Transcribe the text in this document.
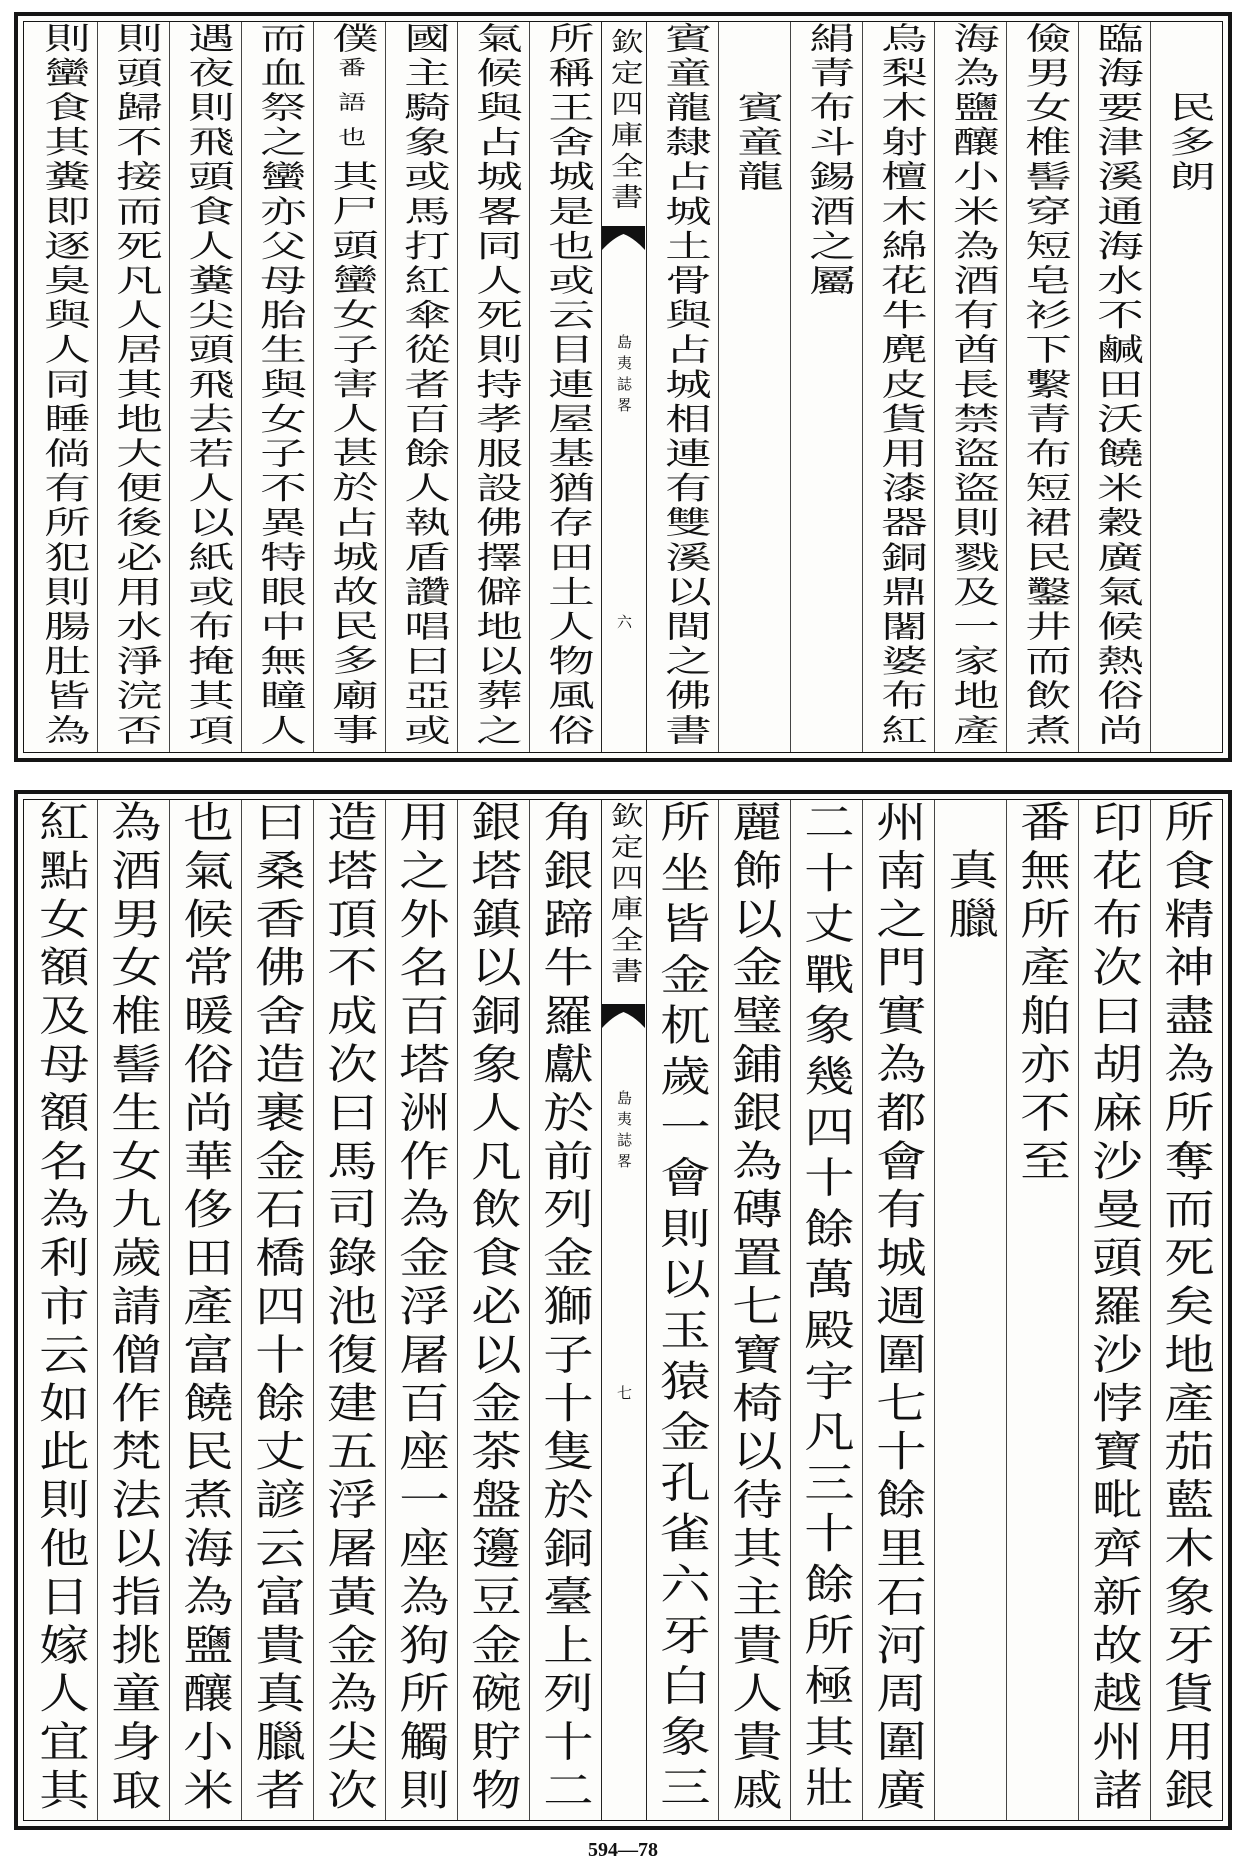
民多朗
臨海要津溪通海水不鹹田沃饒米穀廣氣候熱俗尚
儉男女椎髻穿短皂衫下繫青布短裙民鑿井而飲煮
海為鹽釀小米為酒有酋長禁盜盜則戮及一家地產
烏梨木射檀木綿花牛麂皮貨用漆器銅鼎闍婆布紅
絹青布斗錫酒之屬
賓童龍
賓童龍隸占城土骨與占城相連有雙溪以間之佛書
欽定四庫全書
島夷誌畧
六
所稱王舍城是也或云目連屋基猶存田土人物風俗
氣候與占城畧同人死則持孝服設佛擇僻地以葬之
國主騎象或馬打紅傘從者百餘人執盾讚唱曰亞或
僕
番語也
其尸頭蠻女子害人甚於占城故民多廟事
而血祭之蠻亦父母胎生與女子不異特眼中無瞳人
遇夜則飛頭食人糞尖頭飛去若人以紙或布掩其項
則頭歸不接而死凡人居其地大便後必用水淨浣否
則蠻食其糞即逐臭與人同睡倘有所犯則腸肚皆為
所食精神盡為所奪而死矣地產茄藍木象牙貨用銀
印花布次曰胡麻沙曼頭羅沙悖寶毗齊新故越州諸
番無所產舶亦不至
真臘
州南之門實為都會有城週圍七十餘里石河周圍廣
二十丈戰象幾四十餘萬殿宇凡三十餘所極其壯
麗飾以金璧鋪銀為磚置七寶椅以待其主貴人貴戚
所坐皆金杌歲一會則以玉猿金孔雀六牙白象三
欽定四庫全書
島夷誌畧
七
角銀蹄牛羅獻於前列金獅子十隻於銅臺上列十二
銀塔鎮以銅象人凡飲食必以金茶盤籩豆金碗貯物
用之外名百塔洲作為金浮屠百座一座為狗所觸則
造塔頂不成次曰馬司錄池復建五浮屠黃金為尖次
曰桑香佛舍造裹金石橋四十餘丈諺云富貴真臘者
也氣候常暖俗尚華侈田產富饒民煮海為鹽釀小米
為酒男女椎髻生女九歲請僧作梵法以指挑童身取
紅點女額及母額名為利市云如此則他日嫁人宜其
594—78
